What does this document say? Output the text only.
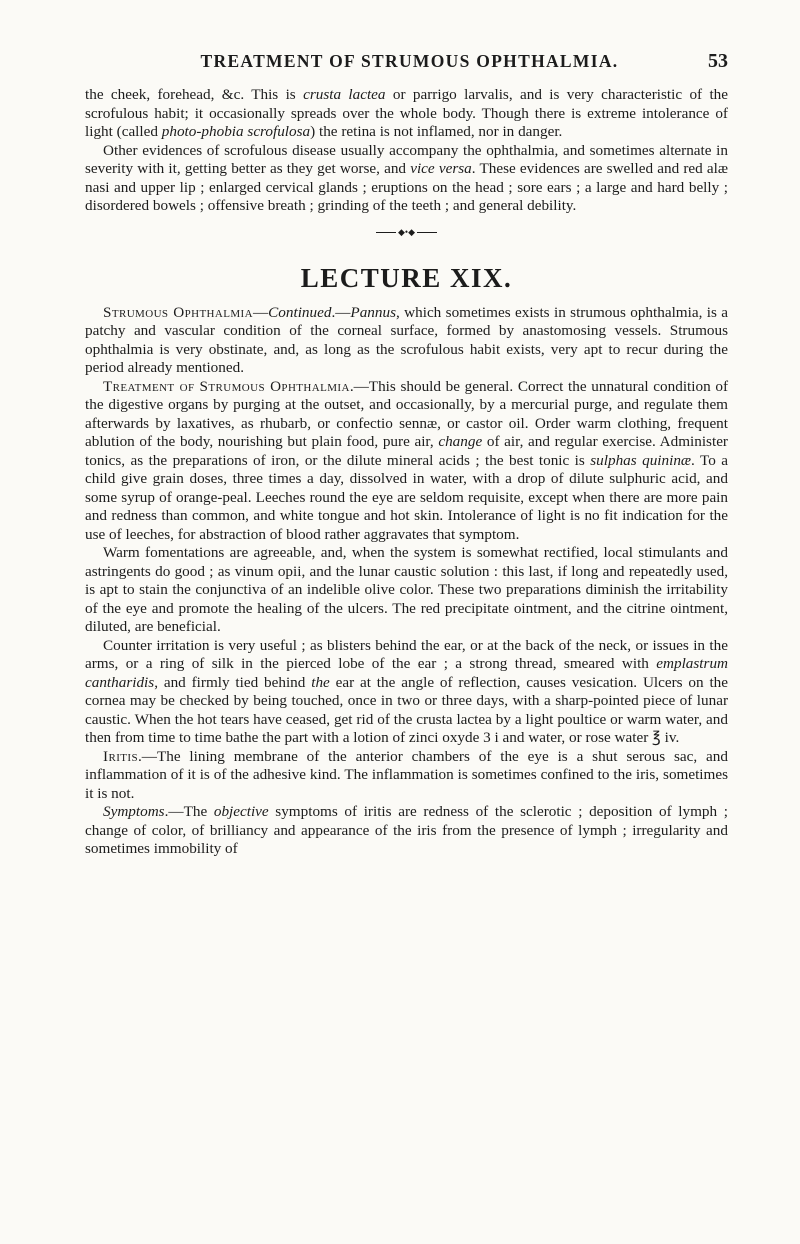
TREATMENT OF STRUMOUS OPHTHALMIA.	53

the cheek, forehead, &c. This is crusta lactea or parrigo larvalis, and is very characteristic of the scrofulous habit; it occasionally spreads over the whole body. Though there is extreme intolerance of light (called photo-phobia scrofulosa) the retina is not inflamed, nor in danger.

Other evidences of scrofulous disease usually accompany the ophthalmia, and sometimes alternate in severity with it, getting better as they get worse, and vice versa. These evidences are swelled and red alæ nasi and upper lip ; enlarged cervical glands ; eruptions on the head ; sore ears ; a large and hard belly ; disordered bowels ; offensive breath ; grinding of the teeth ; and general debility.

◆•◆
LECTURE XIX.

Strumous Ophthalmia—Continued.—Pannus, which sometimes exists in strumous ophthalmia, is a patchy and vascular condition of the corneal surface, formed by anastomosing vessels. Strumous ophthalmia is very obstinate, and, as long as the scrofulous habit exists, very apt to recur during the period already mentioned.

Treatment of Strumous Ophthalmia.—This should be general. Correct the unnatural condition of the digestive organs by purging at the outset, and occasionally, by a mercurial purge, and regulate them afterwards by laxatives, as rhubarb, or confectio sennæ, or castor oil. Order warm clothing, frequent ablution of the body, nourishing but plain food, pure air, change of air, and regular exercise. Administer tonics, as the preparations of iron, or the dilute mineral acids ; the best tonic is sulphas quininæ. To a child give grain doses, three times a day, dissolved in water, with a drop of dilute sulphuric acid, and some syrup of orange-peal. Leeches round the eye are seldom requisite, except when there are more pain and redness than common, and white tongue and hot skin. Intolerance of light is no fit indication for the use of leeches, for abstraction of blood rather aggravates that symptom.

Warm fomentations are agreeable, and, when the system is somewhat rectified, local stimulants and astringents do good ; as vinum opii, and the lunar caustic solution : this last, if long and repeatedly used, is apt to stain the conjunctiva of an indelible olive color. These two preparations diminish the irritability of the eye and promote the healing of the ulcers. The red precipitate ointment, and the citrine ointment, diluted, are beneficial.

Counter irritation is very useful ; as blisters behind the ear, or at the back of the neck, or issues in the arms, or a ring of silk in the pierced lobe of the ear ; a strong thread, smeared with emplastrum cantharidis, and firmly tied behind the ear at the angle of reflection, causes vesication. Ulcers on the cornea may be checked by being touched, once in two or three days, with a sharp-pointed piece of lunar caustic. When the hot tears have ceased, get rid of the crusta lactea by a light poultice or warm water, and then from time to time bathe the part with a lotion of zinci oxyde 3 i and water, or rose water ℥ iv.

Iritis.—The lining membrane of the anterior chambers of the eye is a shut serous sac, and inflammation of it is of the adhesive kind. The inflammation is sometimes confined to the iris, sometimes it is not.

Symptoms.—The objective symptoms of iritis are redness of the sclerotic ; deposition of lymph ; change of color, of brilliancy and appearance of the iris from the presence of lymph ; irregularity and sometimes immobility of
